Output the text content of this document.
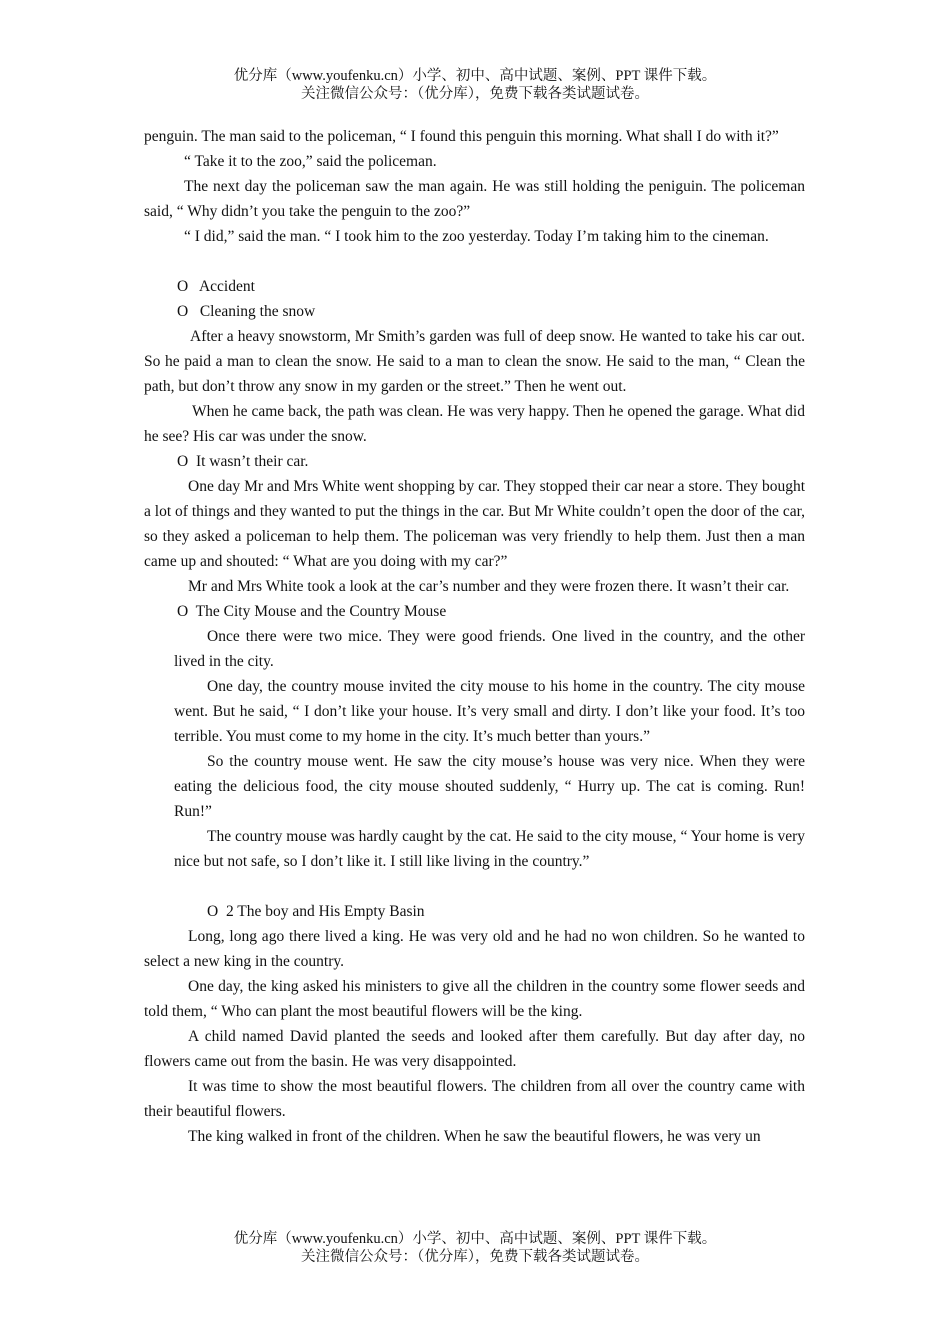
优分库（www.youfenku.cn）小学、初中、高中试题、案例、PPT 课件下载。
关注微信公众号：（优分库），免费下载各类试题试卷。

penguin. The man said to the policeman, “ I found this penguin this morning. What shall I do with it?”

“ Take it to the zoo,” said the policeman.

The next day the policeman saw the man again. He was still holding the peniguin. The policeman said, “ Why didn’t you take the penguin to the zoo?”

“ I did,” said the man. “ I took him to the zoo yesterday. Today I’m taking him to the cineman.

O   Accident

O   Cleaning the snow

After a heavy snowstorm, Mr Smith’s garden was full of deep snow. He wanted to take his car out. So he paid a man to clean the snow. He said to a man to clean the snow. He said to the man, “ Clean the path, but don’t throw any snow in my garden or the street.” Then he went out.

When he came back, the path was clean. He was very happy. Then he opened the garage. What did he see? His car was under the snow.

O  It wasn’t their car.

One day Mr and Mrs White went shopping by car. They stopped their car near a store. They bought a lot of things and they wanted to put the things in the car. But Mr White couldn’t open the door of the car, so they asked a policeman to help them. The policeman was very friendly to help them. Just then a man came up and shouted: “ What are you doing with my car?”

Mr and Mrs White took a look at the car’s number and they were frozen there. It wasn’t their car.

O  The City Mouse and the Country Mouse

Once there were two mice. They were good friends. One lived in the country, and the other lived in the city.

One day, the country mouse invited the city mouse to his home in the country. The city mouse went. But he said, “ I don’t like your house. It’s very small and dirty. I don’t like your food. It’s too terrible. You must come to my home in the city. It’s much better than yours.”

So the country mouse went. He saw the city mouse’s house was very nice. When they were eating the delicious food, the city mouse shouted suddenly, “ Hurry up. The cat is coming. Run! Run!”

The country mouse was hardly caught by the cat. He said to the city mouse, “ Your home is very nice but not safe, so I don’t like it. I still like living in the country.”

O  2 The boy and His Empty Basin

Long, long ago there lived a king. He was very old and he had no won children. So he wanted to select a new king in the country.

One day, the king asked his ministers to give all the children in the country some flower seeds and told them, “ Who can plant the most beautiful flowers will be the king.

A child named David planted the seeds and looked after them carefully. But day after day, no flowers came out from the basin. He was very disappointed.

It was time to show the most beautiful flowers. The children from all over the country came with their beautiful flowers.

The king walked in front of the children. When he saw the beautiful flowers, he was very un

优分库（www.youfenku.cn）小学、初中、高中试题、案例、PPT 课件下载。
关注微信公众号：（优分库），免费下载各类试题试卷。
